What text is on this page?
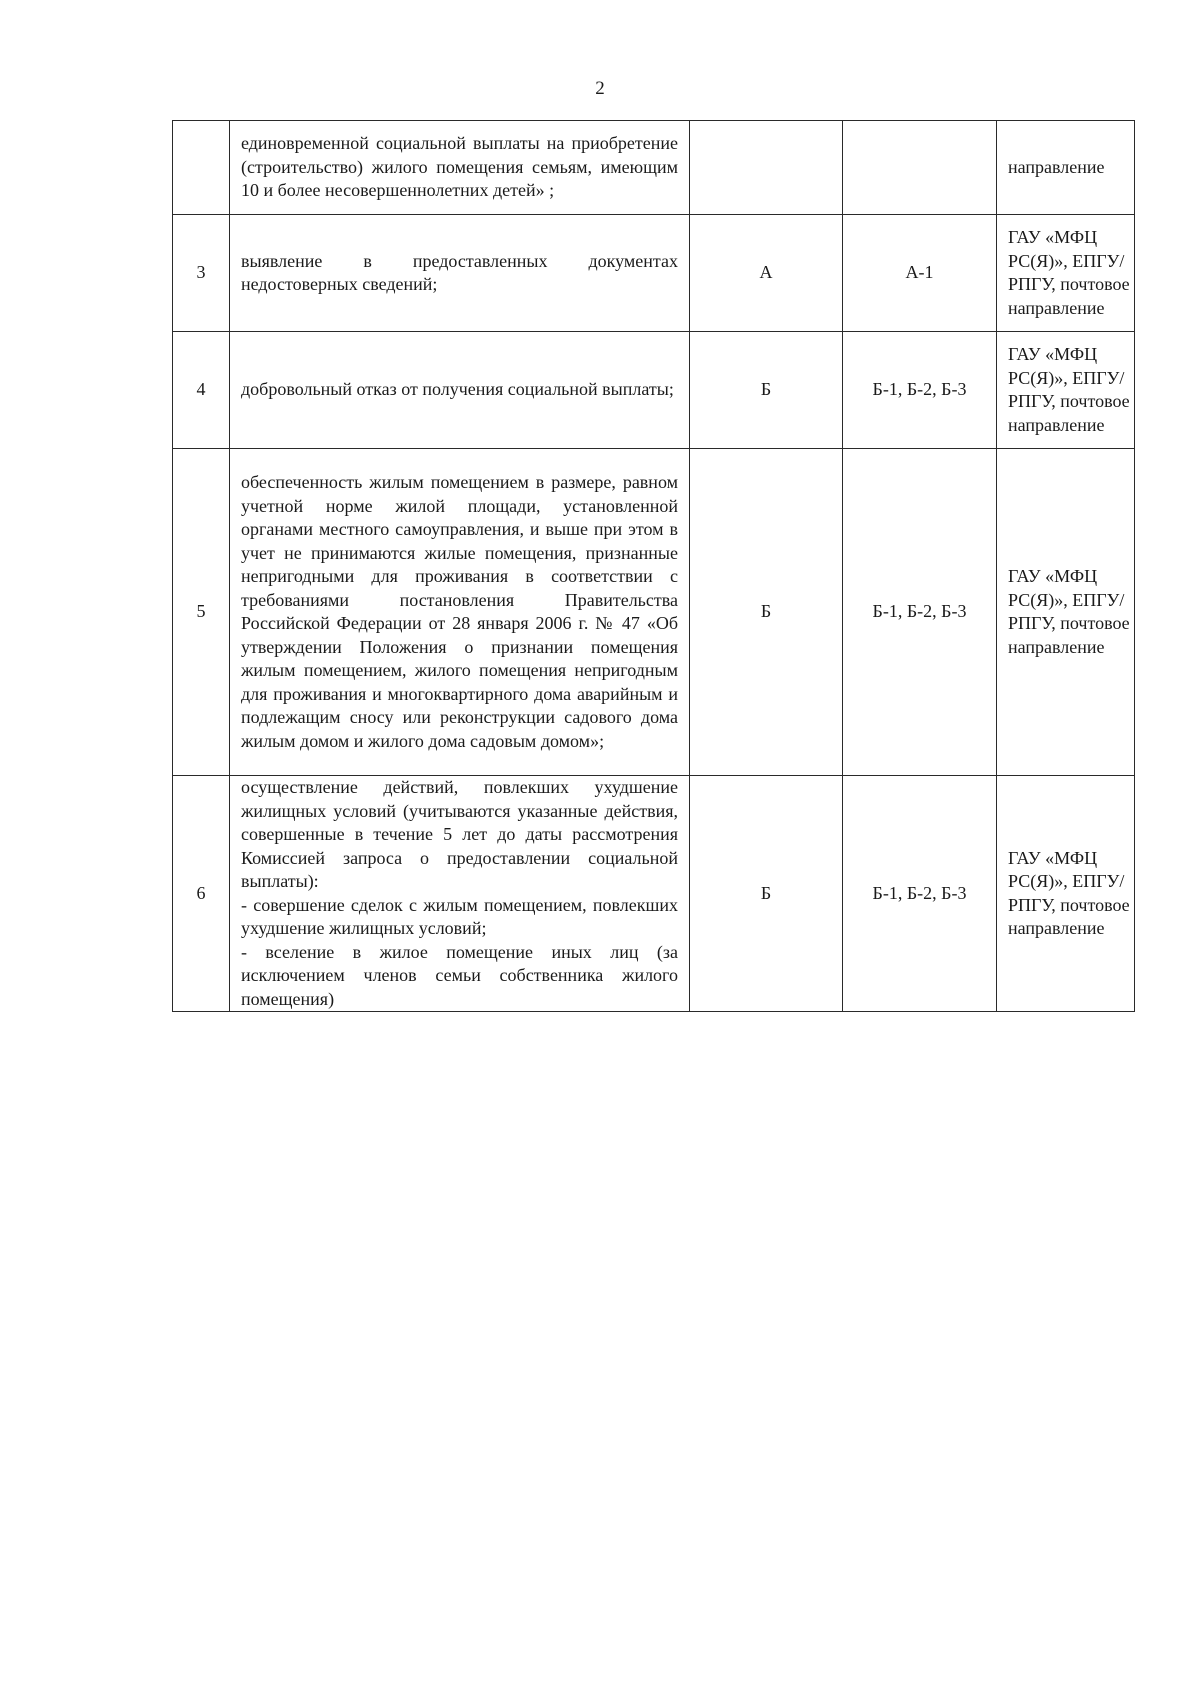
2
	единовременной социальной выплаты на приобретение (строительство) жилого помещения семьям, имеющим 10 и более несовершеннолетних детей» ;			направление
3	выявление в предоставленных документах недостоверных сведений;	А	А-1	ГАУ «МФЦ РС(Я)», ЕПГУ/РПГУ, почтовое направление
4	добровольный отказ от получения социальной выплаты;	Б	Б-1, Б-2, Б-3	ГАУ «МФЦ РС(Я)», ЕПГУ/РПГУ, почтовое направление
5	обеспеченность жилым помещением в размере, равном учетной норме жилой площади, установленной органами местного самоуправления, и выше при этом в учет не принимаются жилые помещения, признанные непригодными для проживания в соответствии с требованиями постановления Правительства Российской Федерации от 28 января 2006 г. № 47 «Об утверждении Положения о признании помещения жилым помещением, жилого помещения непригодным для проживания и многоквартирного дома аварийным и подлежащим сносу или реконструкции садового дома жилым домом и жилого дома садовым домом»;	Б	Б-1, Б-2, Б-3	ГАУ «МФЦ РС(Я)», ЕПГУ/РПГУ, почтовое направление
6	осуществление действий, повлекших ухудшение жилищных условий (учитываются указанные действия, совершенные в течение 5 лет до даты рассмотрения Комиссией запроса о предоставлении социальной выплаты):
- совершение сделок с жилым помещением, повлекших ухудшение жилищных условий;
- вселение в жилое помещение иных лиц (за исключением членов семьи собственника жилого помещения)	Б	Б-1, Б-2, Б-3	ГАУ «МФЦ РС(Я)», ЕПГУ/РПГУ, почтовое направление
